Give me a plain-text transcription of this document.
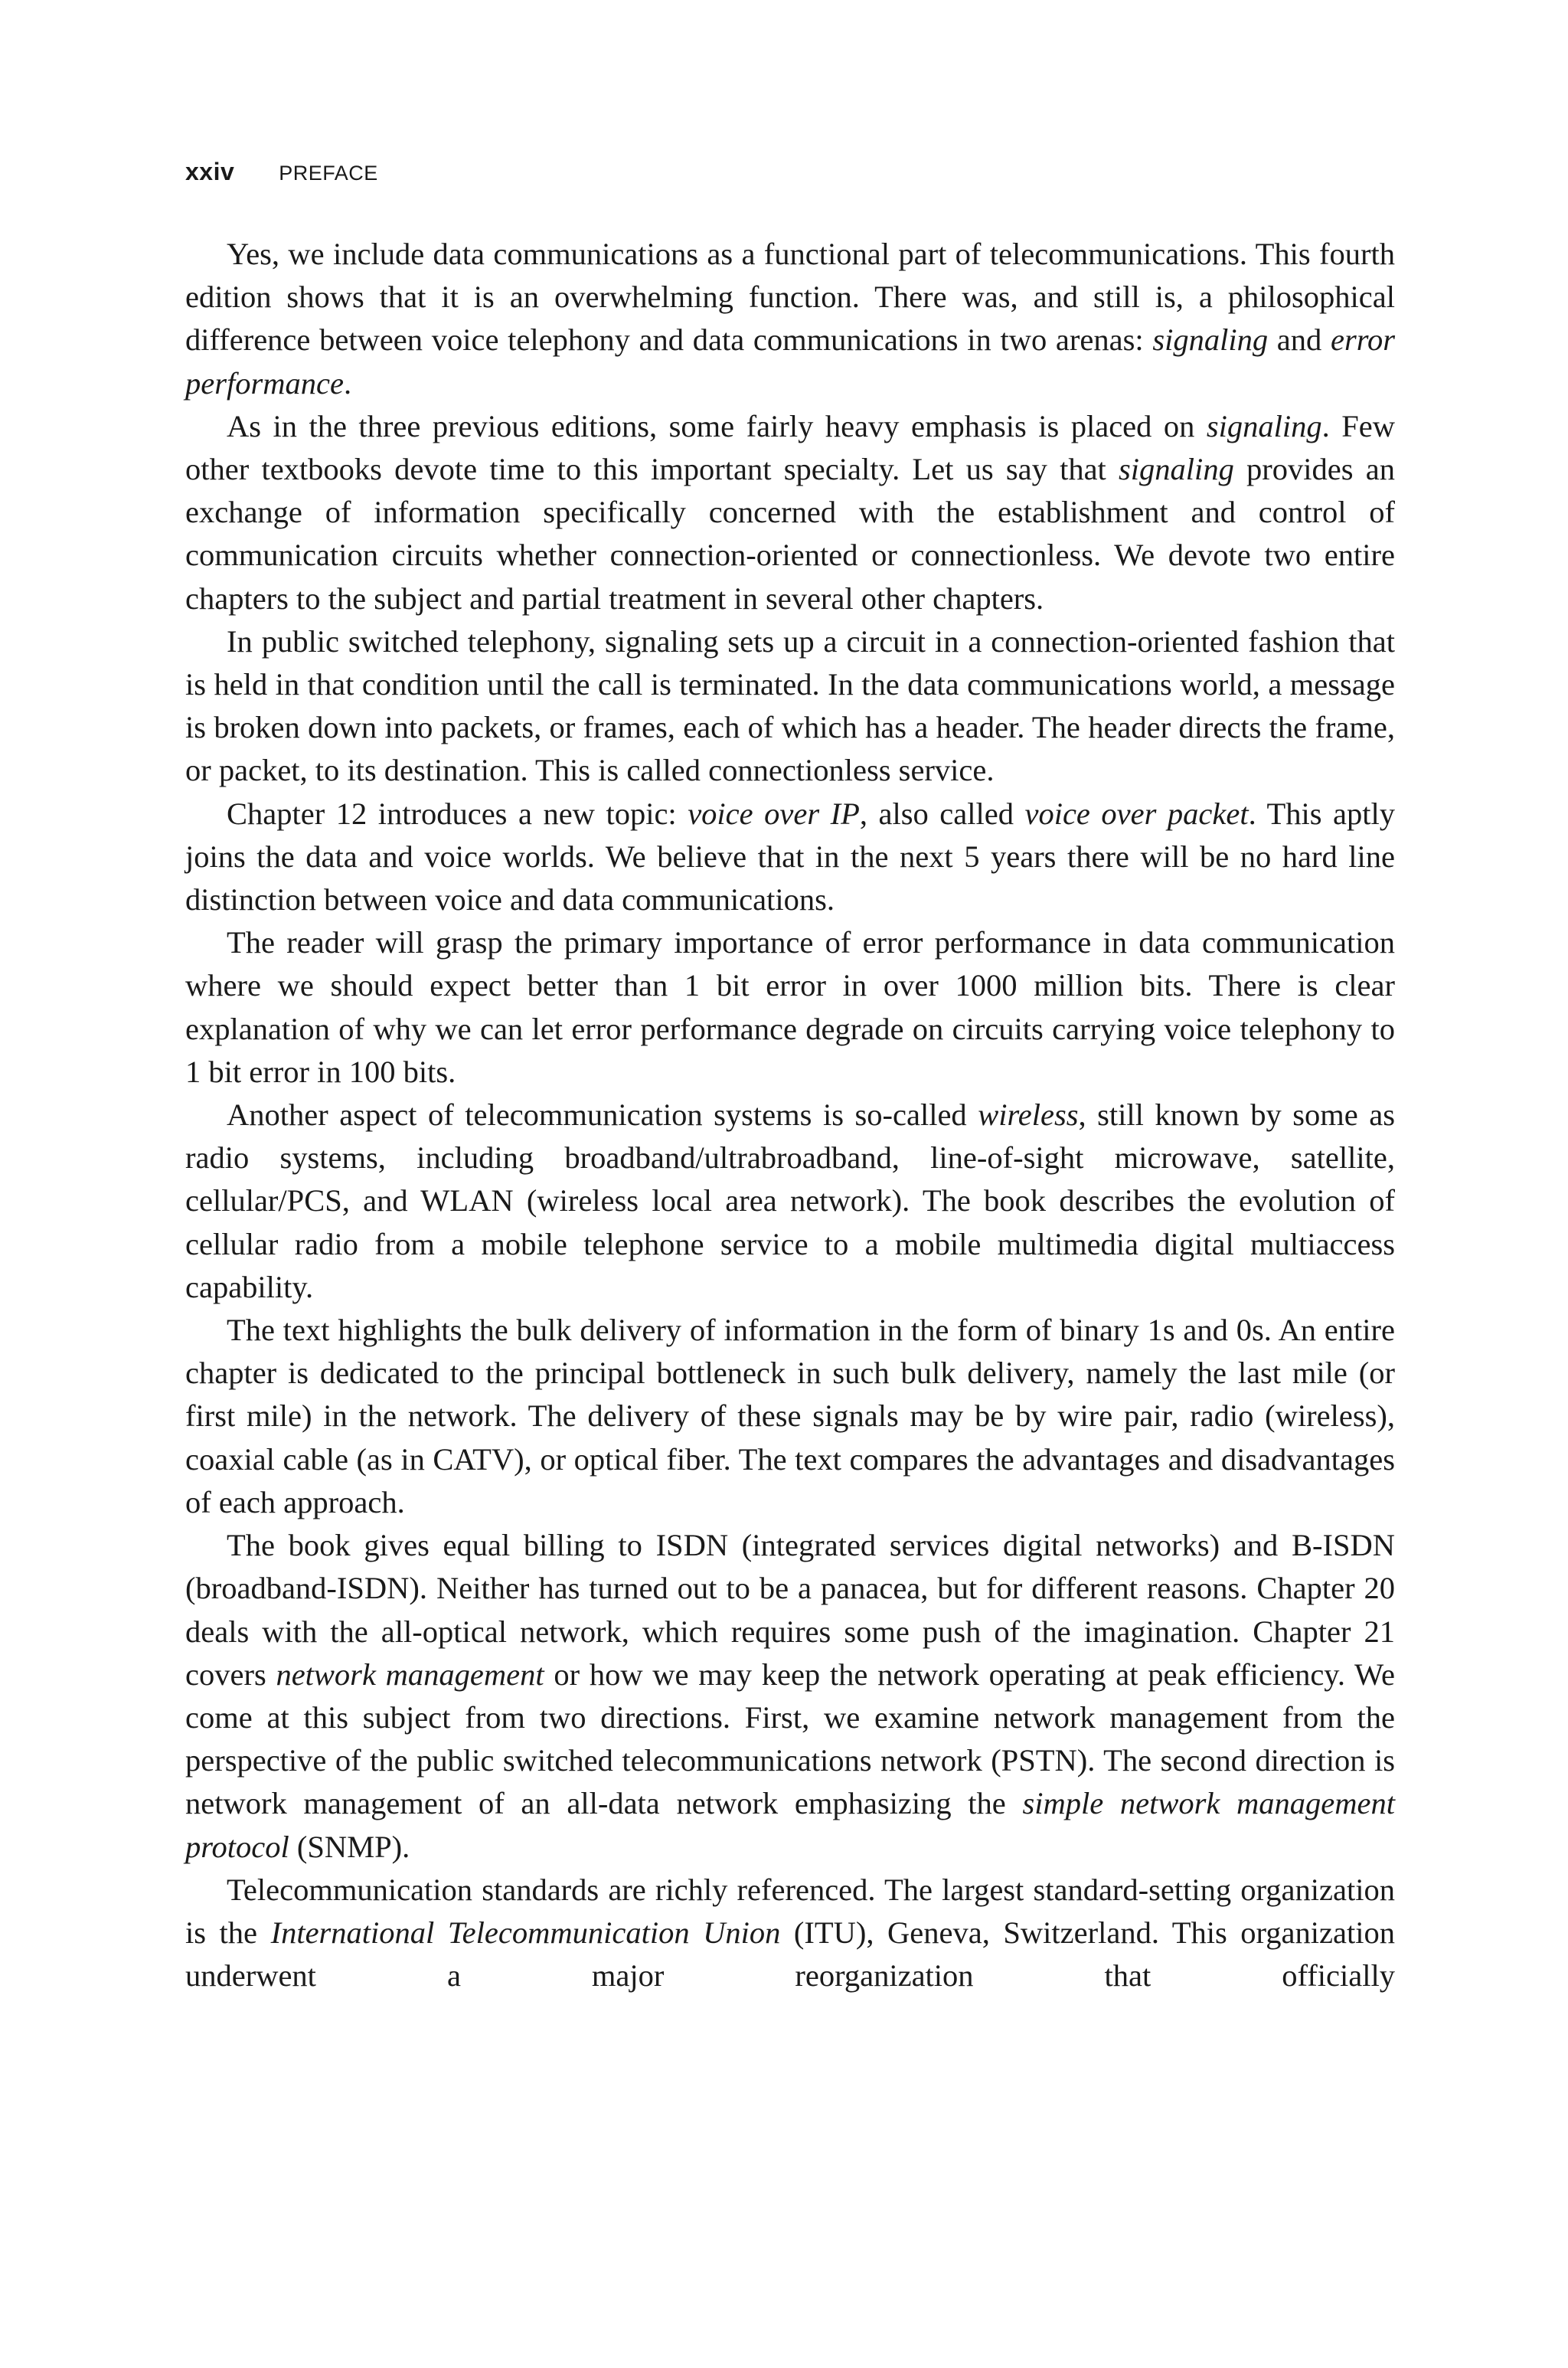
xxiv PREFACE

Yes, we include data communications as a functional part of telecommunications. This fourth edition shows that it is an overwhelming function. There was, and still is, a philosophical difference between voice telephony and data communications in two arenas: signaling and error performance.

As in the three previous editions, some fairly heavy emphasis is placed on signaling. Few other textbooks devote time to this important specialty. Let us say that signaling provides an exchange of information specifically concerned with the establishment and control of communication circuits whether connection-oriented or connectionless. We devote two entire chapters to the subject and partial treatment in several other chapters.

In public switched telephony, signaling sets up a circuit in a connection-oriented fashion that is held in that condition until the call is terminated. In the data communications world, a message is broken down into packets, or frames, each of which has a header. The header directs the frame, or packet, to its destination. This is called connectionless service.

Chapter 12 introduces a new topic: voice over IP, also called voice over packet. This aptly joins the data and voice worlds. We believe that in the next 5 years there will be no hard line distinction between voice and data communications.

The reader will grasp the primary importance of error performance in data communication where we should expect better than 1 bit error in over 1000 million bits. There is clear explanation of why we can let error performance degrade on circuits carrying voice telephony to 1 bit error in 100 bits.

Another aspect of telecommunication systems is so-called wireless, still known by some as radio systems, including broadband/ultrabroadband, line-of-sight microwave, satellite, cellular/PCS, and WLAN (wireless local area network). The book describes the evolution of cellular radio from a mobile telephone service to a mobile multimedia digital multiaccess capability.

The text highlights the bulk delivery of information in the form of binary 1s and 0s. An entire chapter is dedicated to the principal bottleneck in such bulk delivery, namely the last mile (or first mile) in the network. The delivery of these signals may be by wire pair, radio (wireless), coaxial cable (as in CATV), or optical fiber. The text compares the advantages and disadvantages of each approach.

The book gives equal billing to ISDN (integrated services digital networks) and B-ISDN (broadband-ISDN). Neither has turned out to be a panacea, but for different reasons. Chapter 20 deals with the all-optical network, which requires some push of the imagination. Chapter 21 covers network management or how we may keep the network operating at peak efficiency. We come at this subject from two directions. First, we examine network management from the perspective of the public switched telecommunications network (PSTN). The second direction is network management of an all-data network emphasizing the simple network management protocol (SNMP).

Telecommunication standards are richly referenced. The largest standard-setting organization is the International Telecommunication Union (ITU), Geneva, Switzerland. This organization underwent a major reorganization that officially
